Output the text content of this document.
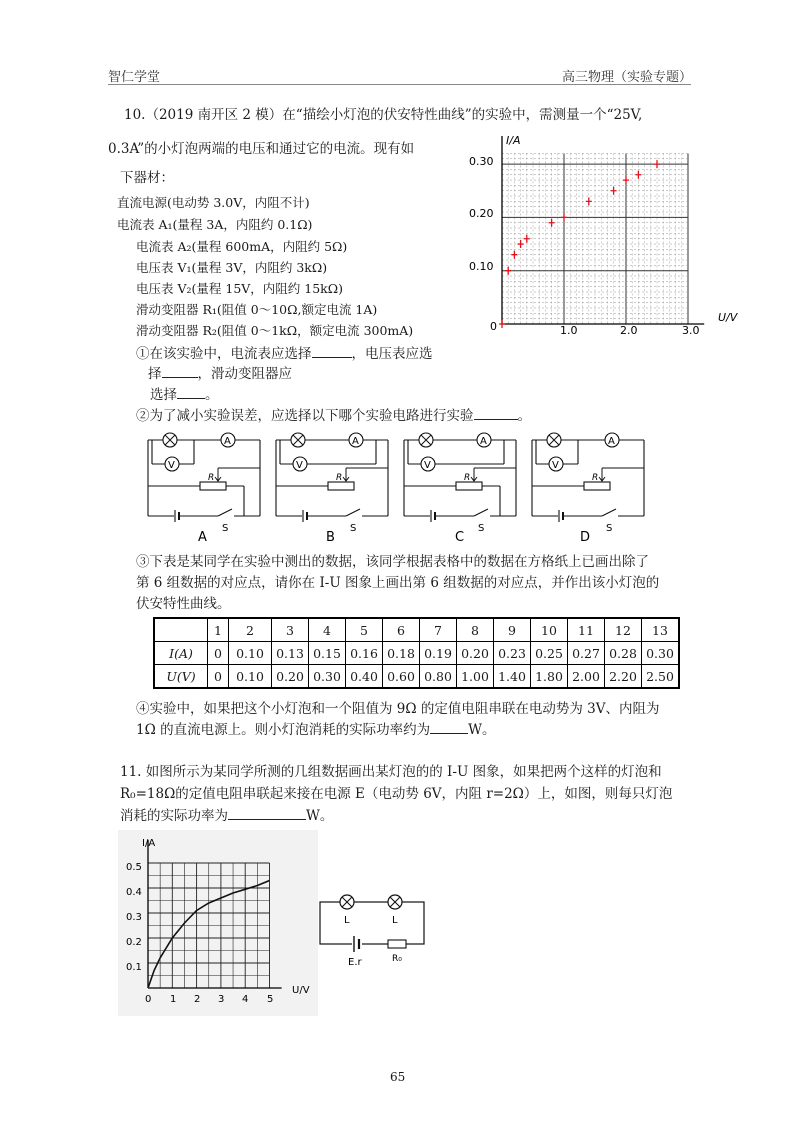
智仁学堂	高三物理（实验专题）
10.（2019 南开区 2 模）在“描绘小灯泡的伏安特性曲线”的实验中，需测量一个“25V,
0.3A”的小灯泡两端的电压和通过它的电流。现有如
下器材：
直流电源(电动势 3.0V，内阻不计)
电流表 A₁(量程 3A，内阻约 0.1Ω)
电流表 A₂(量程 600mA，内阻约 5Ω)
电压表 V₁(量程 3V，内阻约 3kΩ)
电压表 V₂(量程 15V，内阻约 15kΩ)
滑动变阻器 R₁(阻值 0～10Ω,额定电流 1A)
滑动变阻器 R₂(阻值 0～1kΩ，额定电流 300mA)
①在该实验中，电流表应选择	，电压表应选
择	，滑动变阻器应
选择 。
②为了减小实验误差，应选择以下哪个实验电路进行实验	。
I/A
U/V
0.30
0.20
0.10
1.0	2.0	3.0
0
A
V
R
S
A
V
R
S
A
V
R
S
A
V
R
S
A	B	C	D
③下表是某同学在实验中测出的数据，该同学根据表格中的数据在方格纸上已画出除了
第 6 组数据的对应点，请你在 I-U 图象上画出第 6 组数据的对应点，并作出该小灯泡的
伏安特性曲线。
	1	2	3	4	5	6	7	8	9	10	11	12	13
I(A)	0	0.10	0.13	0.15	0.16	0.18	0.19	0.20	0.23	0.25	0.27	0.28	0.30
U(V)	0	0.10	0.20	0.30	0.40	0.60	0.80	1.00	1.40	1.80	2.00	2.20	2.50
④实验中，如果把这个小灯泡和一个阻值为 9Ω 的定值电阻串联在电动势为 3V、内阻为
1Ω 的直流电源上。则小灯泡消耗的实际功率约为	W。
11. 如图所示为某同学所测的几组数据画出某灯泡的的 I-U 图象，如果把两个这样的灯泡和
R₀=18Ω的定值电阻串联起来接在电源 E（电动势 6V，内阻 r=2Ω）上，如图，则每只灯泡
消耗的实际功率为	W。
I/A
U/V
0.5
0.4
0.3
0.2
0.1
0 1 2 3 4 5
L	L
E.r	R₀
65
